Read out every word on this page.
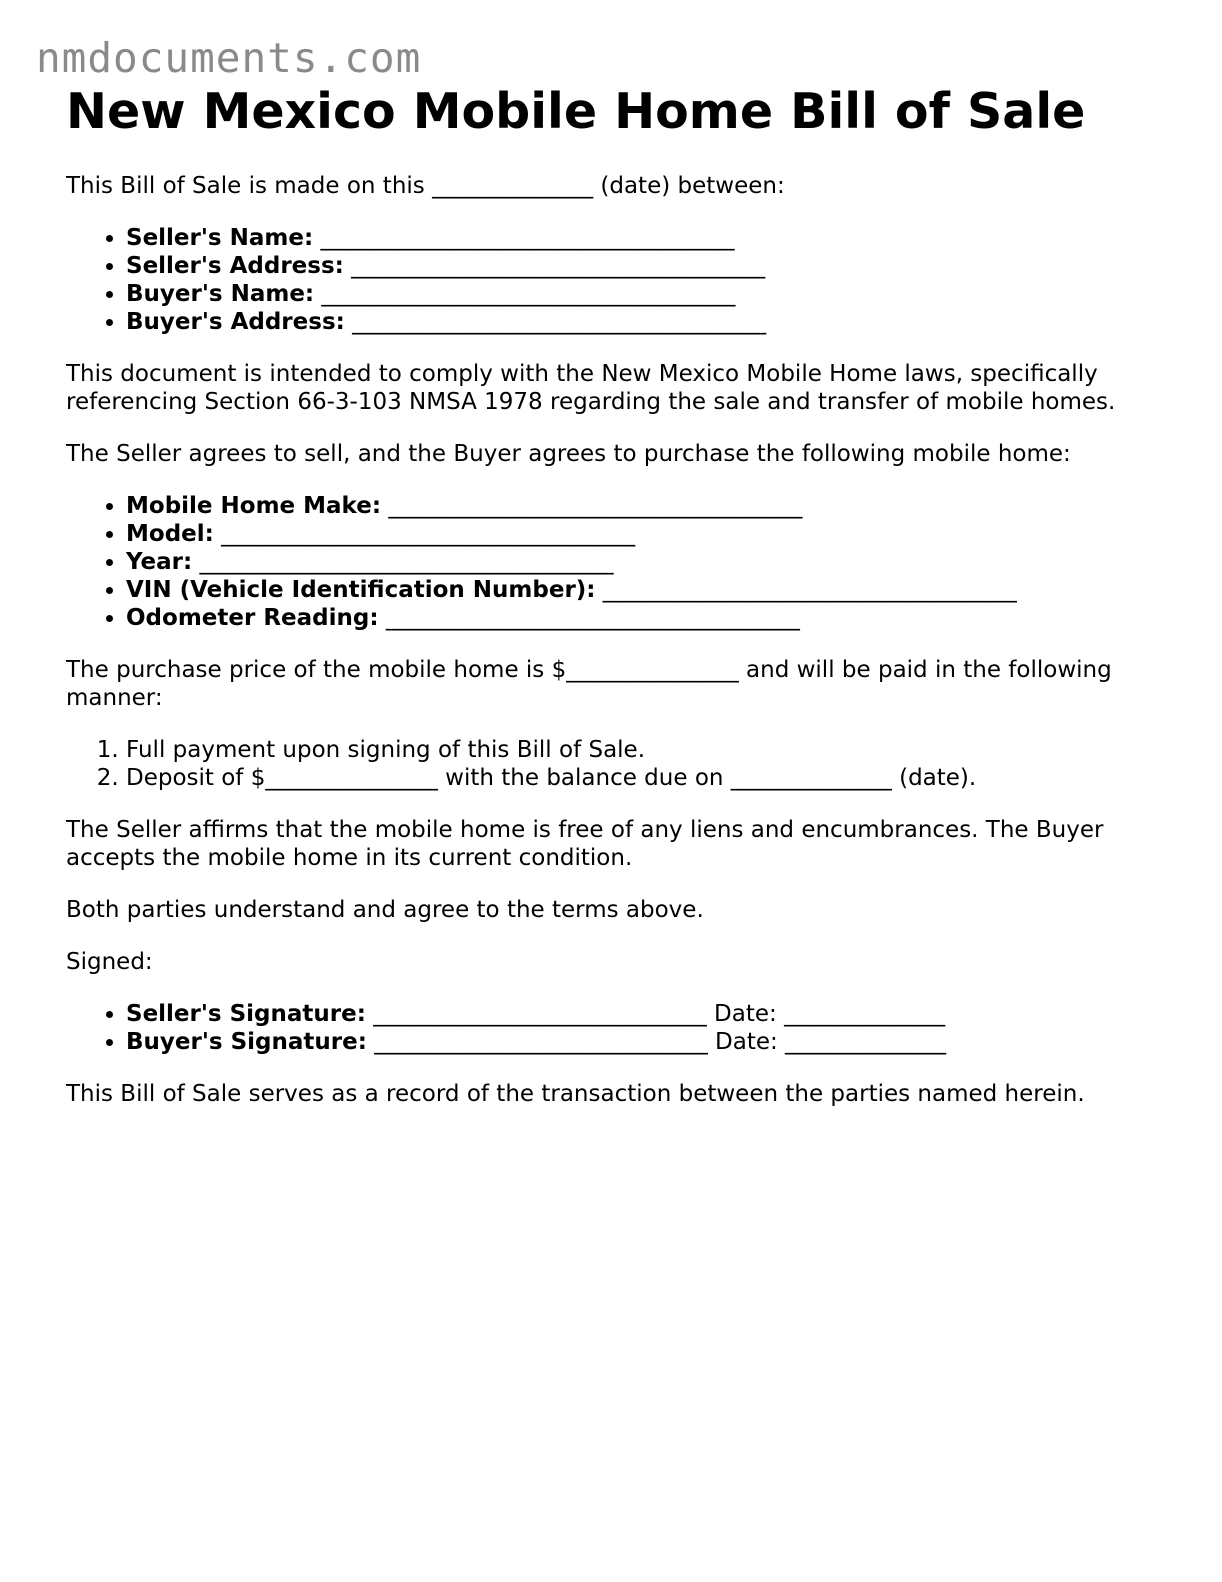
nmdocuments.com
New Mexico Mobile Home Bill of Sale

This Bill of Sale is made on this ______________ (date) between:

• Seller's Name: ____________________________________
• Seller's Address: ____________________________________
• Buyer's Name: ____________________________________
• Buyer's Address: ____________________________________

This document is intended to comply with the New Mexico Mobile Home laws, specifically referencing Section 66-3-103 NMSA 1978 regarding the sale and transfer of mobile homes.

The Seller agrees to sell, and the Buyer agrees to purchase the following mobile home:

• Mobile Home Make: ____________________________________
• Model: ____________________________________
• Year: ____________________________________
• VIN (Vehicle Identification Number): ____________________________________
• Odometer Reading: ____________________________________

The purchase price of the mobile home is $_______________ and will be paid in the following manner:

1. Full payment upon signing of this Bill of Sale.
2. Deposit of $_______________ with the balance due on ______________ (date).

The Seller affirms that the mobile home is free of any liens and encumbrances. The Buyer accepts the mobile home in its current condition.

Both parties understand and agree to the terms above.

Signed:

• Seller's Signature: _____________________________ Date: ______________
• Buyer's Signature: _____________________________ Date: ______________

This Bill of Sale serves as a record of the transaction between the parties named herein.
